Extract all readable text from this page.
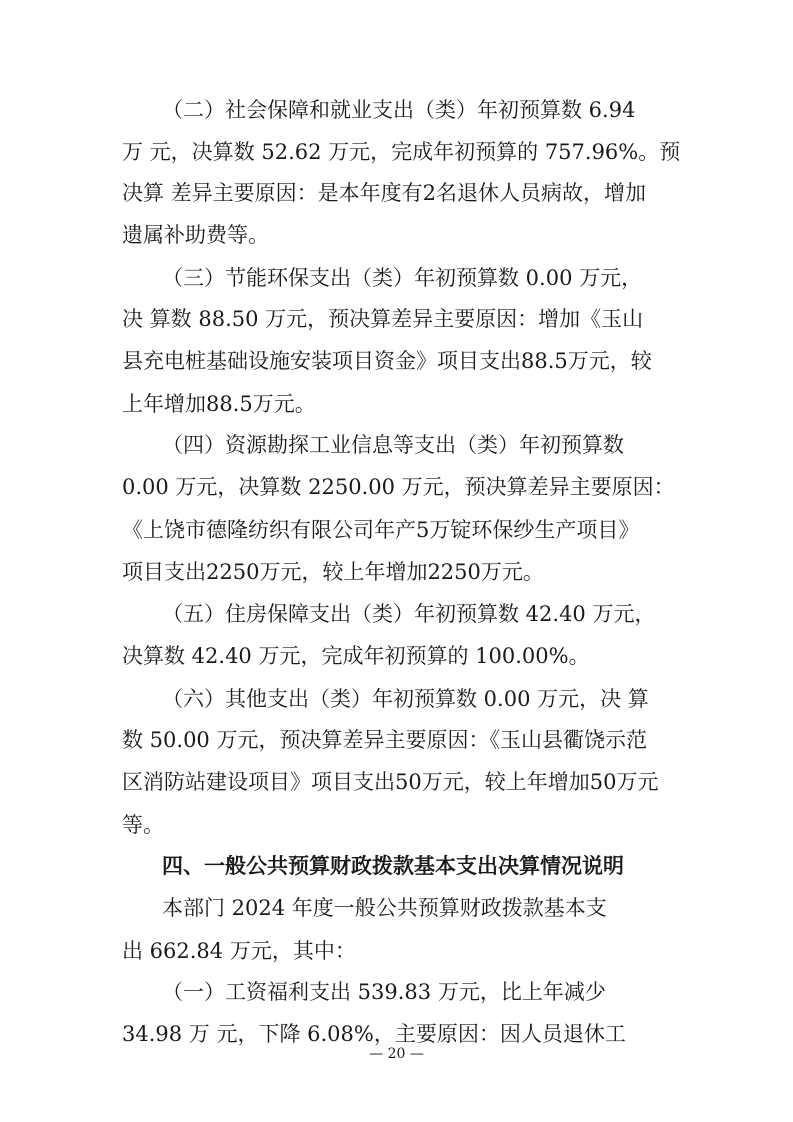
（二）社会保障和就业支出（类）年初预算数 6.94
万 元，决算数 52.62 万元，完成年初预算的 757.96%。预
决算 差异主要原因：是本年度有2名退休人员病故，增加
遗属补助费等。
（三）节能环保支出（类）年初预算数 0.00 万元，
决 算数 88.50 万元，预决算差异主要原因：增加《玉山
县充电桩基础设施安装项目资金》项目支出88.5万元，较
上年增加88.5万元。
（四）资源勘探工业信息等支出（类）年初预算数
0.00 万元，决算数 2250.00 万元，预决算差异主要原因：
《上饶市德隆纺织有限公司年产5万锭环保纱生产项目》
项目支出2250万元，较上年增加2250万元。
（五）住房保障支出（类）年初预算数 42.40 万元，
决算数 42.40 万元，完成年初预算的 100.00%。
（六）其他支出（类）年初预算数 0.00 万元，决 算
数 50.00 万元，预决算差异主要原因：《玉山县衢饶示范
区消防站建设项目》项目支出50万元，较上年增加50万元
等。
四、一般公共预算财政拨款基本支出决算情况说明
本部门 2024 年度一般公共预算财政拨款基本支
出 662.84 万元，其中：
（一）工资福利支出 539.83 万元，比上年减少
34.98 万 元，下降 6.08%，主要原因：因人员退休工
— 20 —
